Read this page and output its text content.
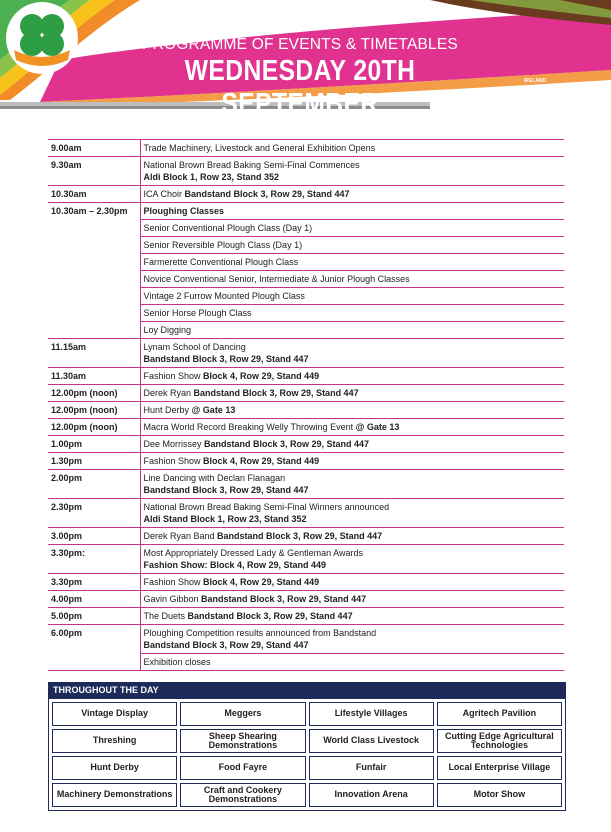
PROGRAMME OF EVENTS & TIMETABLES
WEDNESDAY 20TH SEPTEMBER
IRELAND
NATIONAL PLOUGHING ASSOC
9.00am	Trade Machinery, Livestock and General Exhibition Opens

9.30am	National Brown Bread Baking Semi-Final Commences
Aldi Block 1, Row 23, Stand 352

10.30am	ICA Choir Bandstand Block 3, Row 29, Stand 447

10.30am – 2.30pm	Ploughing Classes

	Senior Conventional Plough Class (Day 1)

	Senior Reversible Plough Class (Day 1)

	Farmerette Conventional Plough Class

	Novice Conventional Senior, Intermediate & Junior Plough Classes

	Vintage 2 Furrow Mounted Plough Class

	Senior Horse Plough Class

	Loy Digging

11.15am	Lynam School of Dancing
Bandstand Block 3, Row 29, Stand 447

11.30am	Fashion Show Block 4, Row 29, Stand 449

12.00pm (noon)	Derek Ryan Bandstand Block 3, Row 29, Stand 447

12.00pm (noon)	Hunt Derby @ Gate 13

12.00pm (noon)	Macra World Record Breaking Welly Throwing Event @ Gate 13

1.00pm	Dee Morrissey Bandstand Block 3, Row 29, Stand 447

1.30pm	Fashion Show Block 4, Row 29, Stand 449

2.00pm	Line Dancing with Declan Flanagan
Bandstand Block 3, Row 29, Stand 447

2.30pm	National Brown Bread Baking Semi-Final Winners announced
Aldi Stand Block 1, Row 23, Stand 352

3.00pm	Derek Ryan Band Bandstand Block 3, Row 29, Stand 447

3.30pm:	Most Appropriately Dressed Lady & Gentleman Awards
Fashion Show: Block 4, Row 29, Stand 449

3.30pm	Fashion Show Block 4, Row 29, Stand 449

4.00pm	Gavin Gibbon Bandstand Block 3, Row 29, Stand 447

5.00pm	The Duets Bandstand Block 3, Row 29, Stand 447

6.00pm	Ploughing Competition results announced from Bandstand
Bandstand Block 3, Row 29, Stand 447

	Exhibition closes
THROUGHOUT THE DAY
Vintage Display	Meggers	Lifestyle Villages	Agritech Pavilion
Threshing	Sheep Shearing Demonstrations	World Class Livestock	Cutting Edge Agricultural Technologies
Hunt Derby	Food Fayre	Funfair	Local Enterprise Village
Machinery Demonstrations	Craft and Cookery Demonstrations	Innovation Arena	Motor Show
